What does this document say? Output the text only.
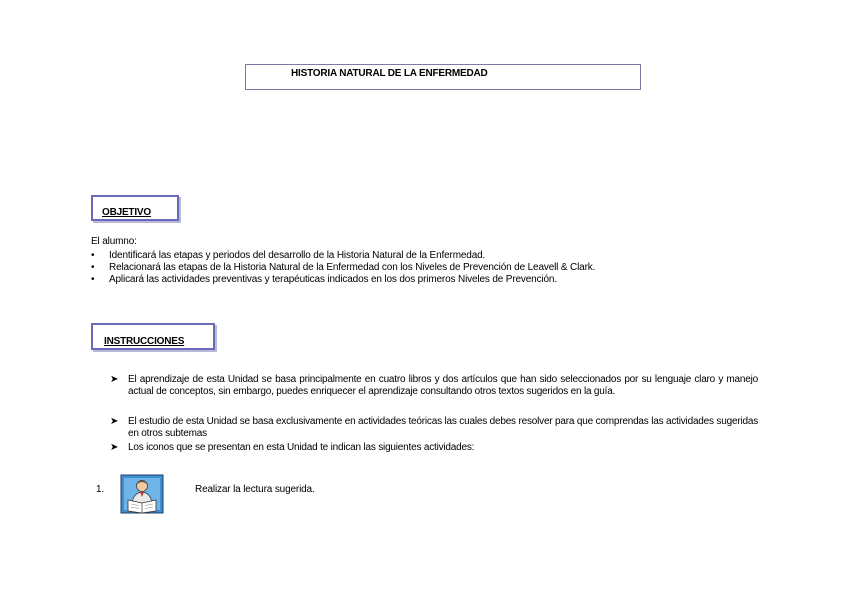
HISTORIA NATURAL DE LA ENFERMEDAD
OBJETIVO
El alumno:
• Identificará las etapas y periodos del desarrollo de la Historia Natural de la Enfermedad.
• Relacionará las etapas de la Historia Natural de la Enfermedad con los Niveles de Prevención de Leavell & Clark.
• Aplicará las actividades preventivas y terapéuticas indicados en los dos primeros Niveles de Prevención.
INSTRUCCIONES
➤ El aprendizaje de esta Unidad se basa principalmente en cuatro libros y dos artículos que han sido seleccionados por su lenguaje claro y manejo actual de conceptos, sin embargo, puedes enriquecer el aprendizaje consultando otros textos sugeridos en la guía.
➤ El estudio de esta Unidad se basa exclusivamente en actividades teóricas las cuales debes resolver para que comprendas las actividades sugeridas en otros subtemas
➤ Los iconos que se presentan en esta Unidad te indican las siguientes actividades:
1.	Realizar la lectura sugerida.
